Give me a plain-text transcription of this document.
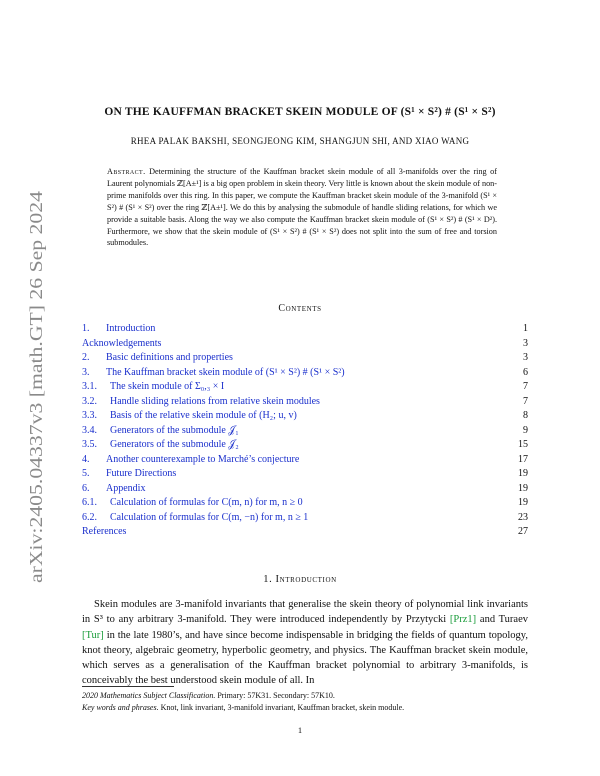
arXiv:2405.04337v3 [math.GT] 26 Sep 2024
ON THE KAUFFMAN BRACKET SKEIN MODULE OF (S¹ × S²) # (S¹ × S²)
RHEA PALAK BAKSHI, SEONGJEONG KIM, SHANGJUN SHI, AND XIAO WANG
Abstract. Determining the structure of the Kauffman bracket skein module of all 3-manifolds over the ring of Laurent polynomials ℤ[A±¹] is a big open problem in skein theory. Very little is known about the skein module of non-prime manifolds over this ring. In this paper, we compute the Kauffman bracket skein module of the 3-manifold (S¹ × S²) # (S¹ × S²) over the ring ℤ[A±¹]. We do this by analysing the submodule of handle sliding relations, for which we provide a suitable basis. Along the way we also compute the Kauffman bracket skein module of (S¹ × S²) # (S¹ × D²). Furthermore, we show that the skein module of (S¹ × S²) # (S¹ × S²) does not split into the sum of free and torsion submodules.
Contents
1. Introduction	1
Acknowledgements	3
2. Basic definitions and properties	3
3. The Kauffman bracket skein module of (S¹ × S²) # (S¹ × S²)	6
3.1. The skein module of Σ₀,₃ × I	7
3.2. Handle sliding relations from relative skein modules	7
3.3. Basis of the relative skein module of (H₂; u, v)	8
3.4. Generators of the submodule 𝒥₁	9
3.5. Generators of the submodule 𝒥₂	15
4. Another counterexample to Marché’s conjecture	17
5. Future Directions	19
6. Appendix	19
6.1. Calculation of formulas for C(m, n) for m, n ≥ 0	19
6.2. Calculation of formulas for C(m, −n) for m, n ≥ 1	23
References	27
1. Introduction

Skein modules are 3-manifold invariants that generalise the skein theory of polynomial link invariants in S³ to any arbitrary 3-manifold. They were introduced independently by Przytycki [Prz1] and Turaev [Tur] in the late 1980’s, and have since become indispensable in bridging the fields of quantum topology, knot theory, algebraic geometry, hyperbolic geometry, and physics. The Kauffman bracket skein module, which serves as a generalisation of the Kauffman bracket polynomial to arbitrary 3-manifolds, is conceivably the best understood skein module of all. In

2020 Mathematics Subject Classification. Primary: 57K31. Secondary: 57K10.
Key words and phrases. Knot, link invariant, 3-manifold invariant, Kauffman bracket, skein module.
1
